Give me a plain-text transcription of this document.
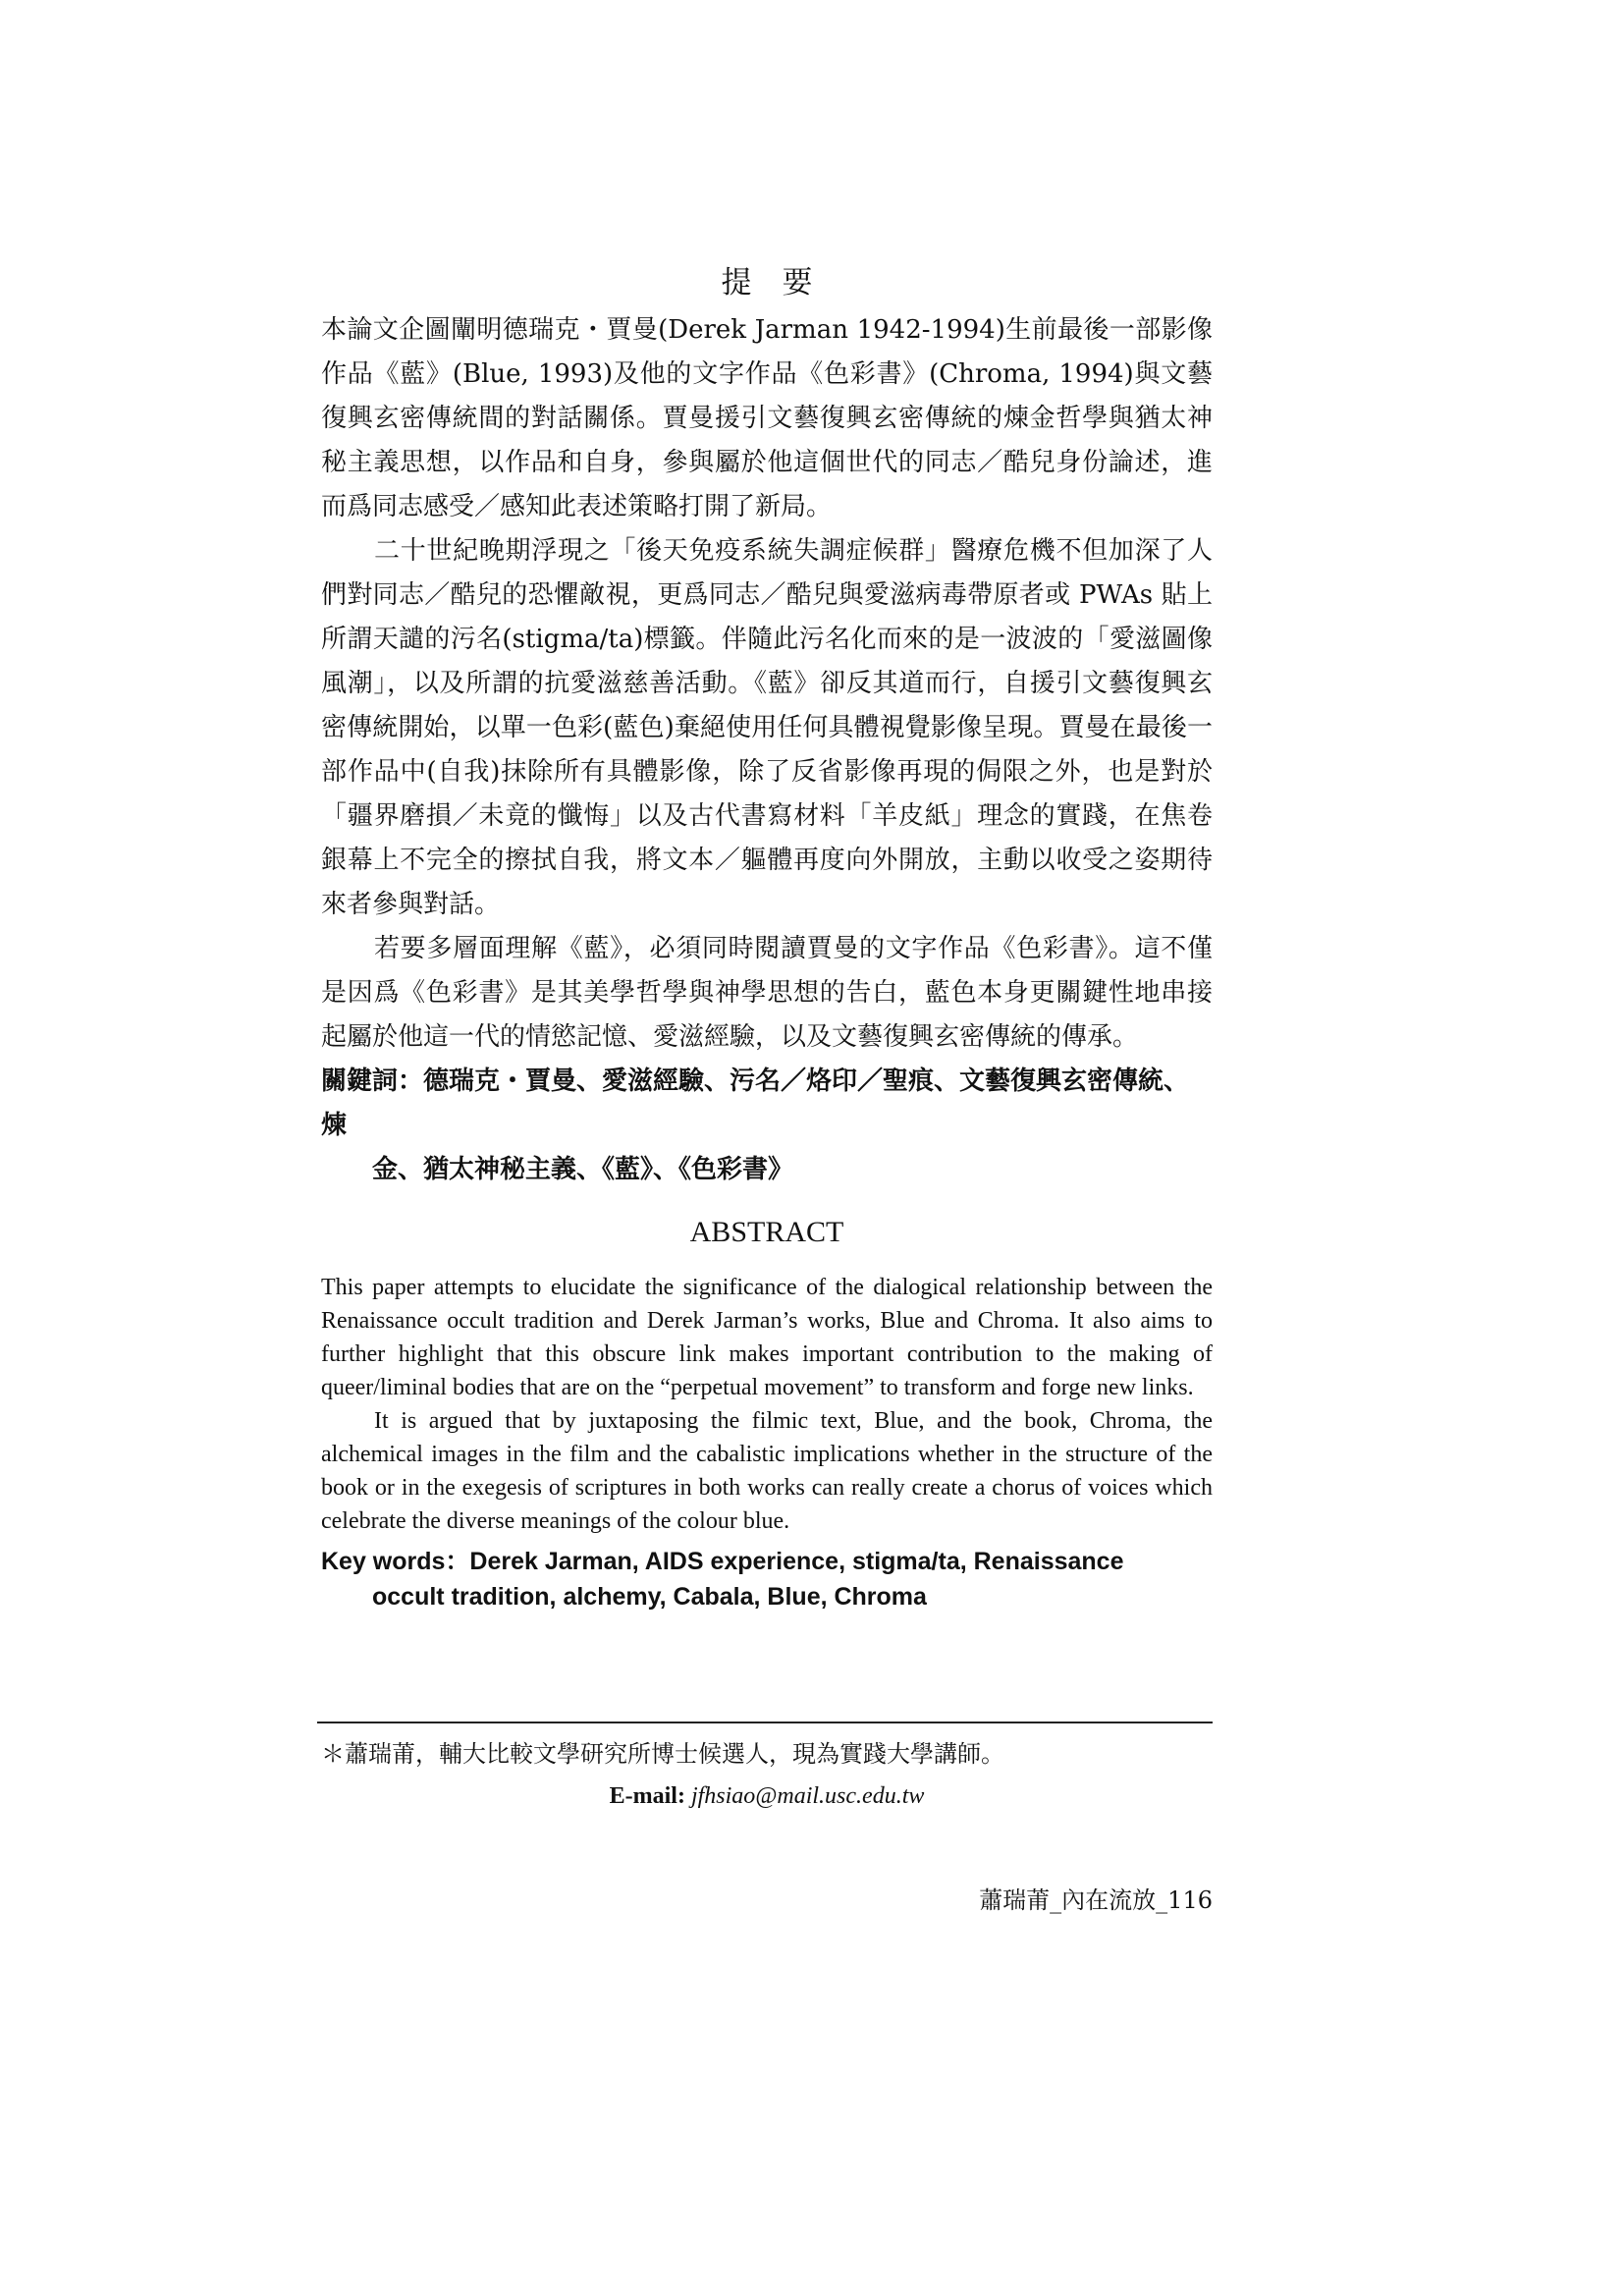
提　要

本論文企圖闡明德瑞克・賈曼(Derek Jarman 1942-1994)生前最後一部影像作品《藍》(Blue, 1993)及他的文字作品《色彩書》(Chroma, 1994)與文藝復興玄密傳統間的對話關係。賈曼援引文藝復興玄密傳統的煉金哲學與猶太神秘主義思想，以作品和自身，參與屬於他這個世代的同志／酷兒身份論述，進而爲同志感受／感知此表述策略打開了新局。

二十世紀晚期浮現之「後天免疫系統失調症候群」醫療危機不但加深了人們對同志／酷兒的恐懼敵視，更爲同志／酷兒與愛滋病毒帶原者或 PWAs 貼上所謂天譴的污名(stigma/ta)標籤。伴隨此污名化而來的是一波波的「愛滋圖像風潮」，以及所謂的抗愛滋慈善活動。《藍》卻反其道而行，自援引文藝復興玄密傳統開始，以單一色彩(藍色)棄絕使用任何具體視覺影像呈現。賈曼在最後一部作品中(自我)抹除所有具體影像，除了反省影像再現的侷限之外，也是對於「疆界磨損／未竟的懺悔」以及古代書寫材料「羊皮紙」理念的實踐，在焦卷銀幕上不完全的擦拭自我，將文本／軀體再度向外開放，主動以收受之姿期待來者參與對話。

若要多層面理解《藍》，必須同時閱讀賈曼的文字作品《色彩書》。這不僅是因爲《色彩書》是其美學哲學與神學思想的告白，藍色本身更關鍵性地串接起屬於他這一代的情慾記憶、愛滋經驗，以及文藝復興玄密傳統的傳承。

關鍵詞：德瑞克・賈曼、愛滋經驗、污名／烙印／聖痕、文藝復興玄密傳統、煉
金、猶太神秘主義、《藍》、《色彩書》
ABSTRACT

This paper attempts to elucidate the significance of the dialogical relationship between the Renaissance occult tradition and Derek Jarman’s works, Blue and Chroma. It also aims to further highlight that this obscure link makes important contribution to the making of queer/liminal bodies that are on the “perpetual movement” to transform and forge new links.

It is argued that by juxtaposing the filmic text, Blue, and the book, Chroma, the alchemical images in the film and the cabalistic implications whether in the structure of the book or in the exegesis of scriptures in both works can really create a chorus of voices which celebrate the diverse meanings of the colour blue.

Key words：Derek Jarman, AIDS experience, stigma/ta, Renaissance
occult tradition, alchemy, Cabala, Blue, Chroma
＊蕭瑞莆，輔大比較文學研究所博士候選人，現為實踐大學講師。
E-mail: jfhsiao@mail.usc.edu.tw
蕭瑞莆_內在流放_116
